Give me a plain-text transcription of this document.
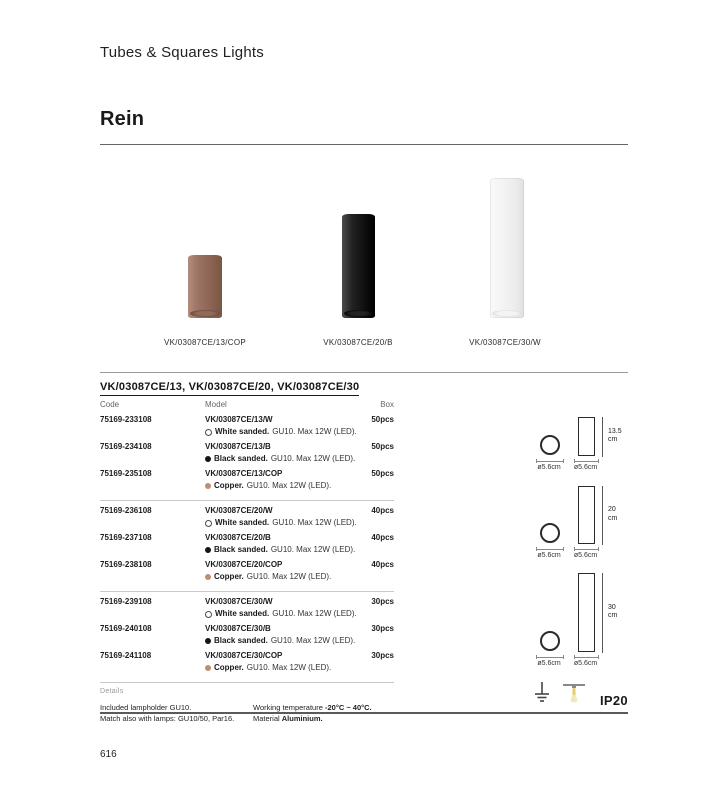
Tubes & Squares Lights
Rein
VK/03087CE/13/COP	VK/03087CE/20/B	VK/03087CE/30/W
VK/03087CE/13, VK/03087CE/20, VK/03087CE/30
Code	Model	Box
75169-233108	VK/03087CE/13/W
White sanded. GU10. Max 12W (LED).
50pcs
75169-234108	VK/03087CE/13/B
Black sanded. GU10. Max 12W (LED).
50pcs
75169-235108	VK/03087CE/13/COP
Copper. GU10. Max 12W (LED).
50pcs
75169-236108	VK/03087CE/20/W
White sanded. GU10. Max 12W (LED).
40pcs
75169-237108	VK/03087CE/20/B
Black sanded. GU10. Max 12W (LED).
40pcs
75169-238108	VK/03087CE/20/COP
Copper. GU10. Max 12W (LED).
40pcs
75169-239108	VK/03087CE/30/W
White sanded. GU10. Max 12W (LED).
30pcs
75169-240108	VK/03087CE/30/B
Black sanded. GU10. Max 12W (LED).
30pcs
75169-241108	VK/03087CE/30/COP
Copper. GU10. Max 12W (LED).
30pcs
Details
Included lampholder GU10.
Match also with lamps: GU10/50, Par16.
Working temperature -20°C ~ 40°C.
Material Aluminium.
13.5
cm
ø5.6cm	ø5.6cm
20
cm
ø5.6cm	ø5.6cm
30
cm
ø5.6cm	ø5.6cm
IP20
616
